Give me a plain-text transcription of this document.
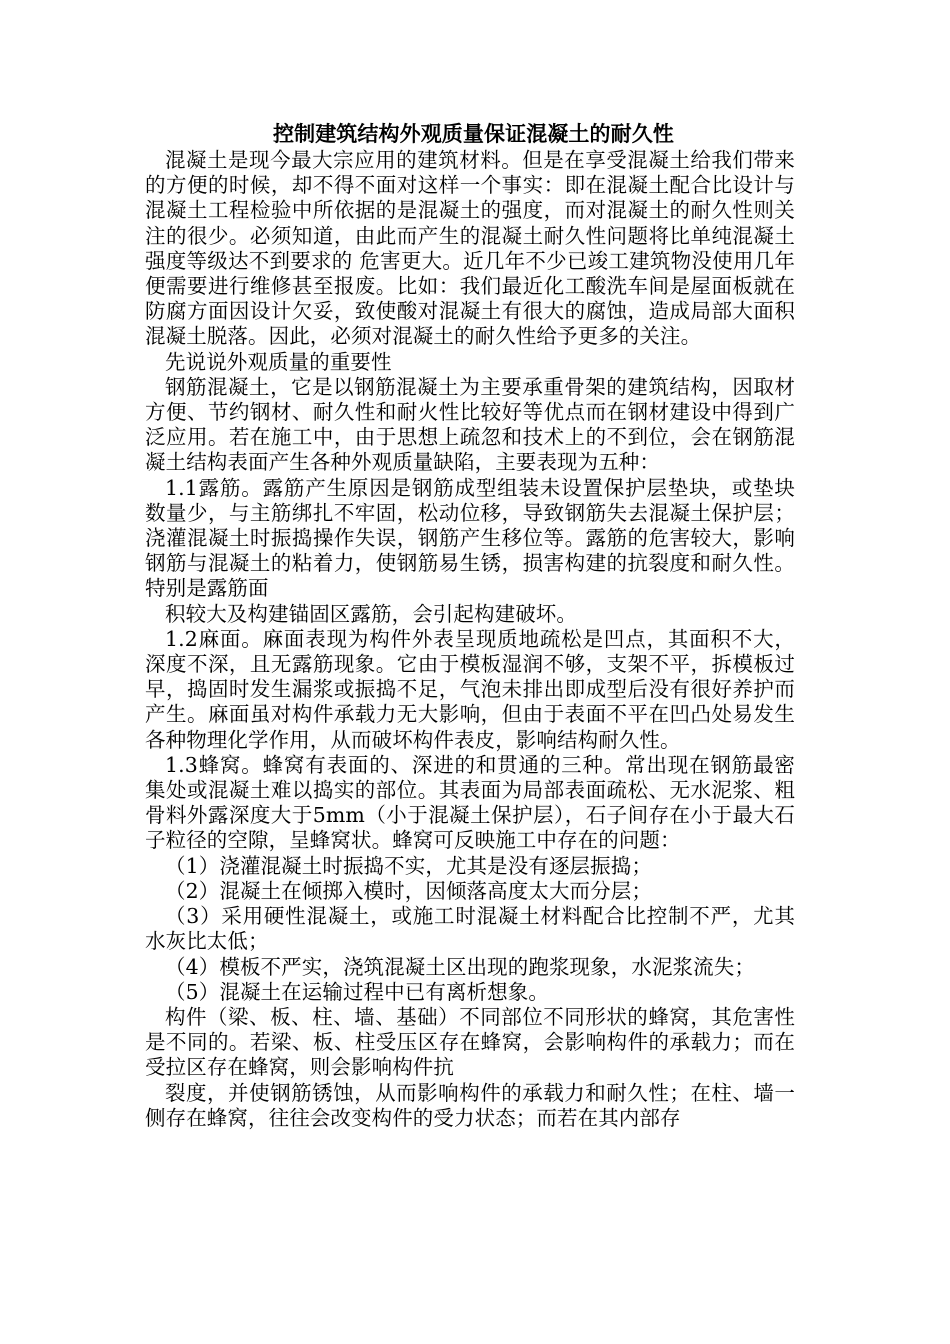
控制建筑结构外观质量保证混凝土的耐久性

混凝土是现今最大宗应用的建筑材料。但是在享受混凝土给我们带来的方便的时候，却不得不面对这样一个事实：即在混凝土配合比设计与混凝土工程检验中所依据的是混凝土的强度，而对混凝土的耐久性则关注的很少。必须知道，由此而产生的混凝土耐久性问题将比单纯混凝土强度等级达不到要求的 危害更大。近几年不少已竣工建筑物没使用几年便需要进行维修甚至报废。比如：我们最近化工酸洗车间是屋面板就在防腐方面因设计欠妥，致使酸对混凝土有很大的腐蚀，造成局部大面积混凝土脱落。因此，必须对混凝土的耐久性给予更多的关注。

先说说外观质量的重要性

钢筋混凝土，它是以钢筋混凝土为主要承重骨架的建筑结构，因取材方便、节约钢材、耐久性和耐火性比较好等优点而在钢材建设中得到广泛应用。若在施工中，由于思想上疏忽和技术上的不到位，会在钢筋混凝土结构表面产生各种外观质量缺陷，主要表现为五种：

1.1露筋。露筋产生原因是钢筋成型组装未设置保护层垫块，或垫块数量少，与主筋绑扎不牢固，松动位移，导致钢筋失去混凝土保护层；浇灌混凝土时振捣操作失误，钢筋产生移位等。露筋的危害较大，影响钢筋与混凝土的粘着力，使钢筋易生锈，损害构建的抗裂度和耐久性。特别是露筋面

积较大及构建锚固区露筋，会引起构建破坏。

1.2麻面。麻面表现为构件外表呈现质地疏松是凹点，其面积不大，深度不深，且无露筋现象。它由于模板湿润不够，支架不平，拆模板过早，捣固时发生漏浆或振捣不足，气泡未排出即成型后没有很好养护而产生。麻面虽对构件承载力无大影响，但由于表面不平在凹凸处易发生各种物理化学作用，从而破坏构件表皮，影响结构耐久性。

1.3蜂窝。蜂窝有表面的、深进的和贯通的三种。常出现在钢筋最密集处或混凝土难以捣实的部位。其表面为局部表面疏松、无水泥浆、粗骨料外露深度大于5mm（小于混凝土保护层），石子间存在小于最大石子粒径的空隙，呈蜂窝状。蜂窝可反映施工中存在的问题：

（1）浇灌混凝土时振捣不实，尤其是没有逐层振捣；

（2）混凝土在倾掷入模时，因倾落高度太大而分层；

（3）采用硬性混凝土，或施工时混凝土材料配合比控制不严，尤其水灰比太低；

（4）模板不严实，浇筑混凝土区出现的跑浆现象，水泥浆流失；

（5）混凝土在运输过程中已有离析想象。

构件（梁、板、柱、墙、基础）不同部位不同形状的蜂窝，其危害性是不同的。若梁、板、柱受压区存在蜂窝，会影响构件的承载力；而在受拉区存在蜂窝，则会影响构件抗

裂度，并使钢筋锈蚀，从而影响构件的承载力和耐久性；在柱、墙一侧存在蜂窝，往往会改变构件的受力状态；而若在其内部存
